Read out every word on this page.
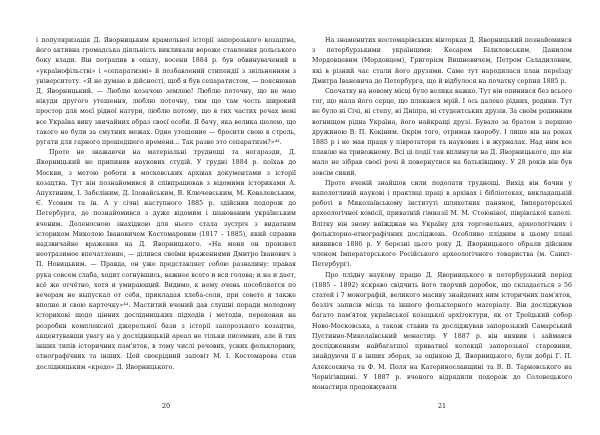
і популяризація Д. Яворницьким крамольної історії запорозького козацтва, його активна громадська діяльність викликали вороже ставлення дольського боку влади. Він потрапив в опалу, восени 1884 р. був обвинувачений в «українофільстві» і «сепаратизмі» й позбавлений стипендії з звільненням з університету. «Я не думаю в дійсності, щоб я був сепаратистом, — пояснював Д. Яворницький. — Люблю козачою землею! Люблю поточну, що не маю нікуди другого утешення, люблю поточну, тим що там честь широкий простор для моєї рідної натури, люблю потому, що в тих частих речах мені все Україна вику звичайних образ своєї особи. Я бачу, яка велика шолею, що такого не були за смутних межах. Одне утешение — бросити свою в стрель, ругати для гарного прошедшего времени... Так разве это сепаратизм?»⁴³.

Проте не зважаючи на матеріальні труднощі та негаразди, Д. Яворницький не припиняв наукових студій. У грудні 1884 р. поїхав до Москви, з метою роботи в московських архівах документами з історії козацтва. Тут він познайомився й співпрацював з відомими істориками А. Апухтиним, І. Забєліним, Д. Іловайським, В. Ключевським, М. Ковалевським, Є. Усовим та ін. А у січні наступного 1885 р. здійснив подорож до Петербурга, де познайомився з дуже відомим і шанованим українським вченим. Доленосною знахідкою для нього стала зустріч з видатним істориком Миколою Івановичем Костомаровим (1817 – 1885), який справив надзвичайне враження на Д. Яворницького. «На меня он произвел неотразимое впечатление, — ділився своїми враженнями Дмитро Іванович з П. Новицьким. — Правда, он уже представляет собою развалину: правая рука совсем слаба, ходит согнувшись, важнее всего и вся голова; и на и дает, всё же отчётно, хотя и умирающий. Видимо, к нему очень пособляется по вечерам не выпускал от себя, прикладая хлеба-соли, при совете и также вполне и свою карточку»⁴⁴. Маститий вчений дав слушні поради молодому історикові щодо цінних дослідницьких підходів і методів, переконав на розробки комплексної джерельної бази з історії запорозького козацтва, акцентувавши увагу на у дослідницькій ареал не тільки писемних, але й тих інших типів історичних пам'яток, в тому числі речових, усних фольклорних, етнографічних та інших. Цей своєрідний заповіт М. І. Костомарова став дослідницьким «кредо» Д. Яворницького.

20

На знаменитих костомарівських вівторках Д. Яворницький познайомився з петербурзькими українцями: Кесарем Білиловським, Данилом Мордовцевим (Мордовцем), Григорієм Вишневичем, Петром Саладиловим, які в різний час стали його друзями. Саме тут народилася план переїзду Дмитра Івановича до Петербурга, що й відбулося на початку серпня 1885 р.

Спочатку на новому місці було велика важко. Тут він опинився без всього тог, що мала його серце, що плекався мрій. І ось далеко рідних, родини. Тут не було ні Січі, ні степу, ні Дніпра, ні студентських друзів. За своїм родинним вогнищем рідна Україна, його найкращі друзі. Бувало за братом з першою дружиною В. П. Кокіним. Окрім того, отримав хворобу. І лише він на роках 1885 р і не мав праця у півротатори та наукових і в журналах. Над ним все плавлю на тривожному. Всі ці події так вплинули на Д. Яворницького, що він мало не зібрав своєї речі й повернутися на батьківщину. У 28 років він був зовсім сивий.

Проте вченій знайшов сили подолати труднощі. Вихід він бачив у наполегливій наукові і практиці праці в архівах і бібліотеках, викладацькій роботі в Миколаївському інституті шляхетних панянок, Імператорської археологічної комісії, приватній гімназії М. М. Стоюніної, піврівської капелі. Влітку він знову виїжджав на Україну для торговельних, археологічних і фольклорно-етнографічних досліджень. Особливо плідним в цьому плані виявився 1886 р. У березні цього року Д. Яворницького обрали дійсним членом Імператорського Російського археологічного товариства (м. Санкт-Петербург).

Про плідну наукову працю Д. Яворницького в петербурзький період (1885 – 1892) яскраво свідчить його творчий доробок, що складається з 56 статей і 7 монографій, великого масиву знайдених ним історичних пам'яток, безліч записів місць та іншого фольклорного матеріалу. Він досліджував багато пам'яток української козацької архітектури, як от Троїцький собор Ново-Московська, а також ставив та досліджував запорозький Самарський Пустинно-Миколаївський монастир. У 1887 р. він виявив і займався дослідженням найбагатшої приватної колекції запорозької старовини, знайдуючи її в інших зборах, за оцінкою Д. Яворницького, були добрі Г. П. Алексеєвича та Ф. М. Поля на Катеринославщині та В. В. Тарновського на Чернігівщині. У 1887 р. вченого відрядили подорож до Соловецького монастиря продовжувати

21
